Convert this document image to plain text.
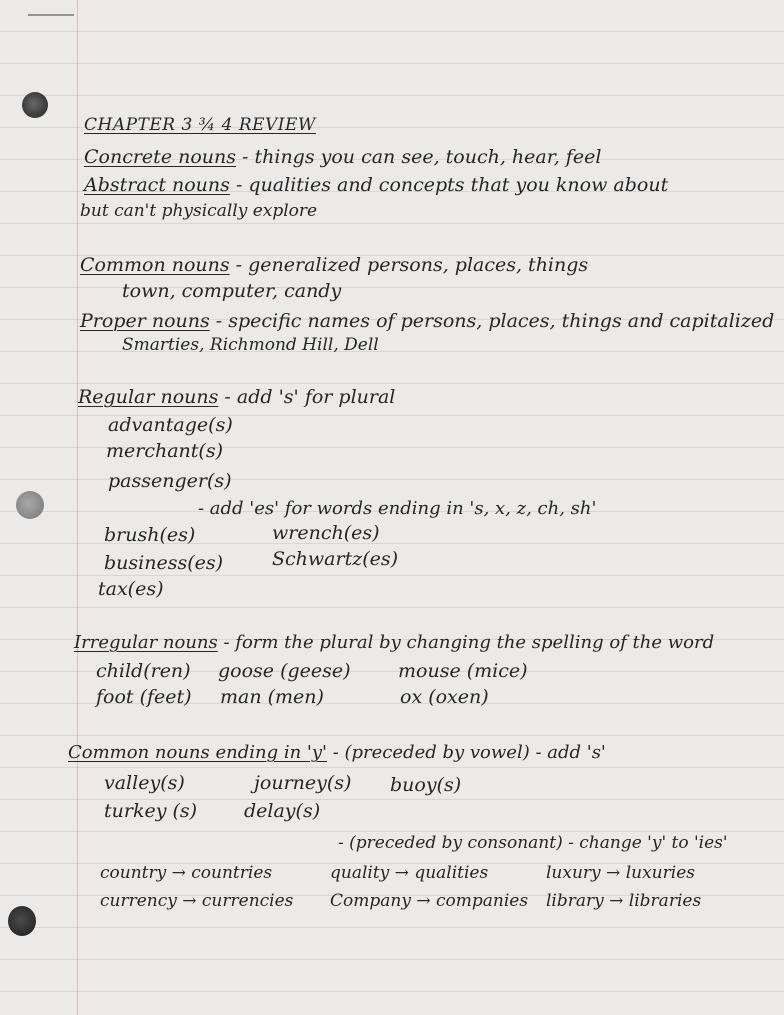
CHAPTER 3 ¾ 4 REVIEW
Concrete nouns - things you can see, touch, hear, feel
Abstract nouns - qualities and concepts that you know about
but can't physically explore
Common nouns - generalized persons, places, things
town, computer, candy
Proper nouns - specific names of persons, places, things and capitalized
Smarties, Richmond Hill, Dell
Regular nouns - add 's' for plural
advantage(s)
merchant(s)
passenger(s)
- add 'es' for words ending in 's, x, z, ch, sh'
brush(es)	wrench(es)
business(es)	Schwartz(es)
tax(es)
Irregular nouns - form the plural by changing the spelling of the word
child(ren) goose (geese) mouse (mice)
foot (feet) man (men)	ox (oxen)
Common nouns ending in 'y' - (preceded by vowel) - add 's'
valley(s)	journey(s) buoy(s)
turkey (s) delay(s)
- (preceded by consonant) - change 'y' to 'ies'
country → countries	quality → qualities	luxury → luxuries
currency → currencies Company → companies library → libraries
